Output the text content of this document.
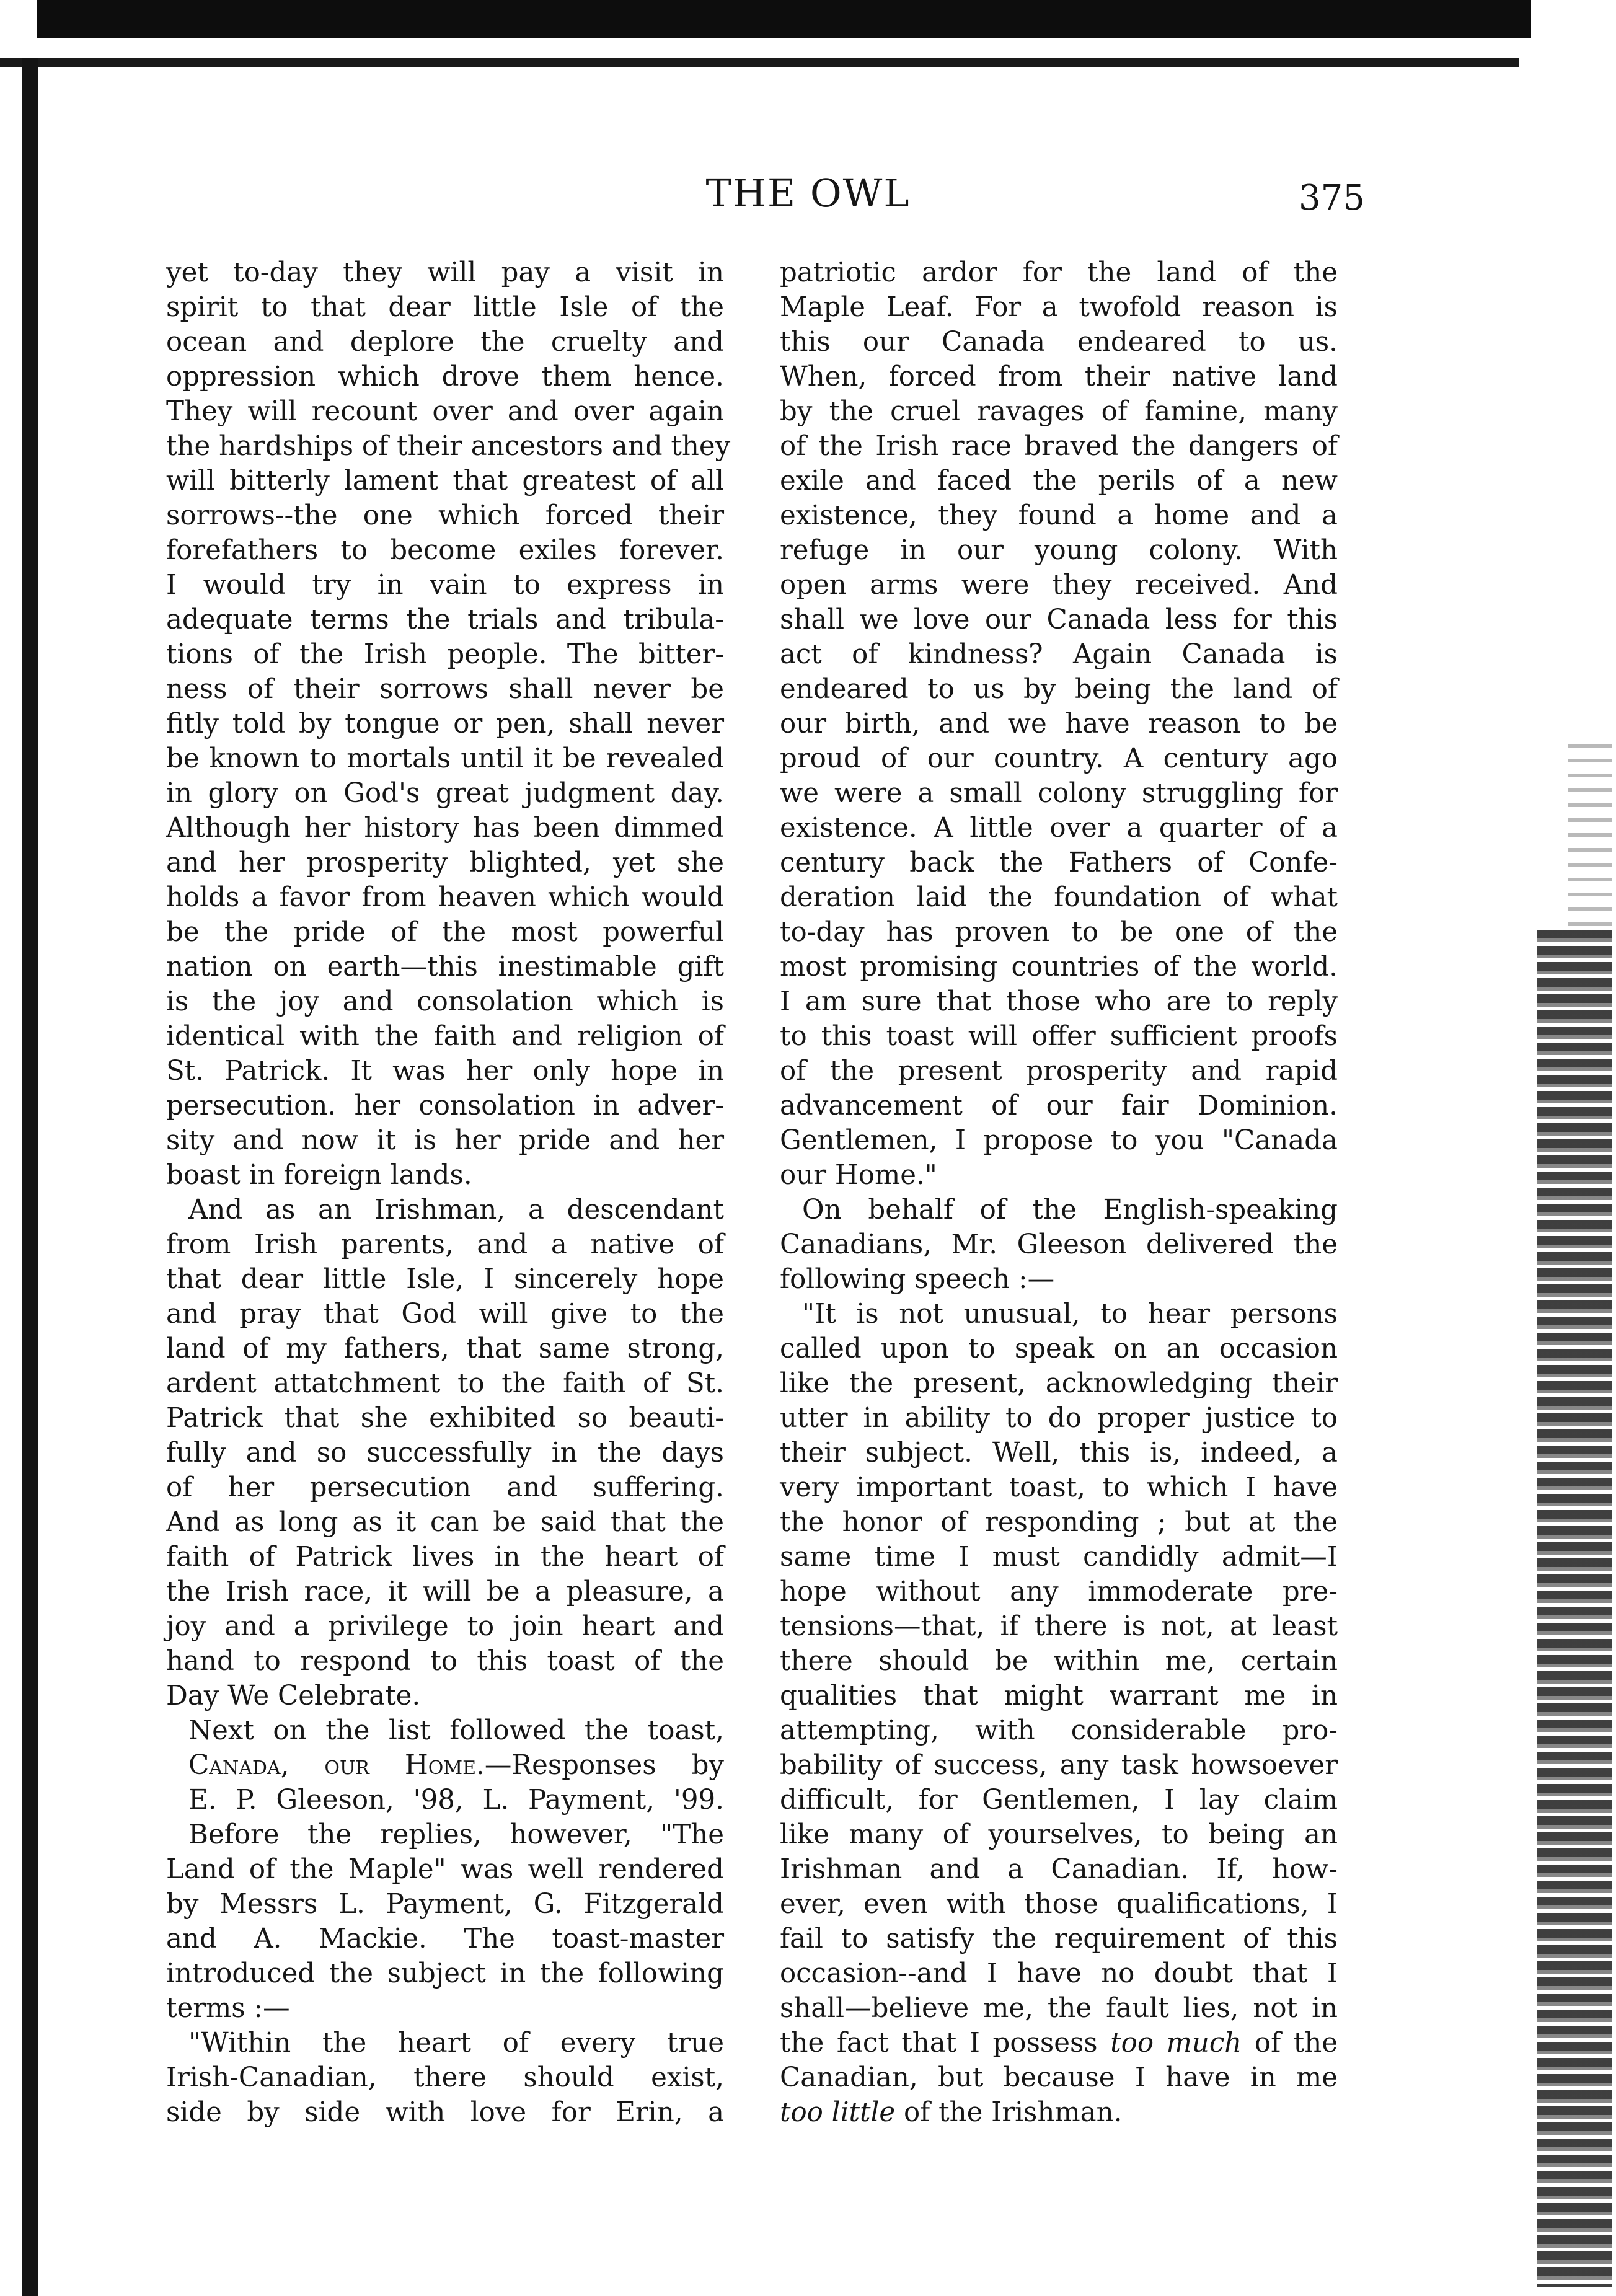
THE OWL	375
yet to-day they will pay a visit in
spirit to that dear little Isle of the
ocean and deplore the cruelty and
oppression which drove them hence.
They will recount over and over again
the hardships of their ancestors and they
will bitterly lament that greatest of all
sorrows--the one which forced their
forefathers to become exiles forever.
I would try in vain to express in
adequate terms the trials and tribula-
tions of the Irish people. The bitter-
ness of their sorrows shall never be
fitly told by tongue or pen, shall never
be known to mortals until it be revealed
in glory on God's great judgment day.
Although her history has been dimmed
and her prosperity blighted, yet she
holds a favor from heaven which would
be the pride of the most powerful
nation on earth—this inestimable gift
is the joy and consolation which is
identical with the faith and religion of
St. Patrick. It was her only hope in
persecution. her consolation in adver-
sity and now it is her pride and her
boast in foreign lands.
And as an Irishman, a descendant
from Irish parents, and a native of
that dear little Isle, I sincerely hope
and pray that God will give to the
land of my fathers, that same strong,
ardent attatchment to the faith of St.
Patrick that she exhibited so beauti-
fully and so successfully in the days
of her persecution and suffering.
And as long as it can be said that the
faith of Patrick lives in the heart of
the Irish race, it will be a pleasure, a
joy and a privilege to join heart and
hand to respond to this toast of the
Day We Celebrate.
Next on the list followed the toast,
Canada, our Home.—Responses by
E. P. Gleeson, '98, L. Payment, '99.
Before the replies, however, "The
Land of the Maple" was well rendered
by Messrs L. Payment, G. Fitzgerald
and A. Mackie. The toast-master
introduced the subject in the following
terms :—
"Within the heart of every true
Irish-Canadian, there should exist,
side by side with love for Erin, a
patriotic ardor for the land of the
Maple Leaf. For a twofold reason is
this our Canada endeared to us.
When, forced from their native land
by the cruel ravages of famine, many
of the Irish race braved the dangers of
exile and faced the perils of a new
existence, they found a home and a
refuge in our young colony. With
open arms were they received. And
shall we love our Canada less for this
act of kindness? Again Canada is
endeared to us by being the land of
our birth, and we have reason to be
proud of our country. A century ago
we were a small colony struggling for
existence. A little over a quarter of a
century back the Fathers of Confe-
deration laid the foundation of what
to-day has proven to be one of the
most promising countries of the world.
I am sure that those who are to reply
to this toast will offer sufficient proofs
of the present prosperity and rapid
advancement of our fair Dominion.
Gentlemen, I propose to you "Canada
our Home."
On behalf of the English-speaking
Canadians, Mr. Gleeson delivered the
following speech :—
"It is not unusual, to hear persons
called upon to speak on an occasion
like the present, acknowledging their
utter in ability to do proper justice to
their subject. Well, this is, indeed, a
very important toast, to which I have
the honor of responding ; but at the
same time I must candidly admit—I
hope without any immoderate pre-
tensions—that, if there is not, at least
there should be within me, certain
qualities that might warrant me in
attempting, with considerable pro-
bability of success, any task howsoever
difficult, for Gentlemen, I lay claim
like many of yourselves, to being an
Irishman and a Canadian. If, how-
ever, even with those qualifications, I
fail to satisfy the requirement of this
occasion--and I have no doubt that I
shall—believe me, the fault lies, not in
the fact that I possess too much of the
Canadian, but because I have in me
too little of the Irishman.
